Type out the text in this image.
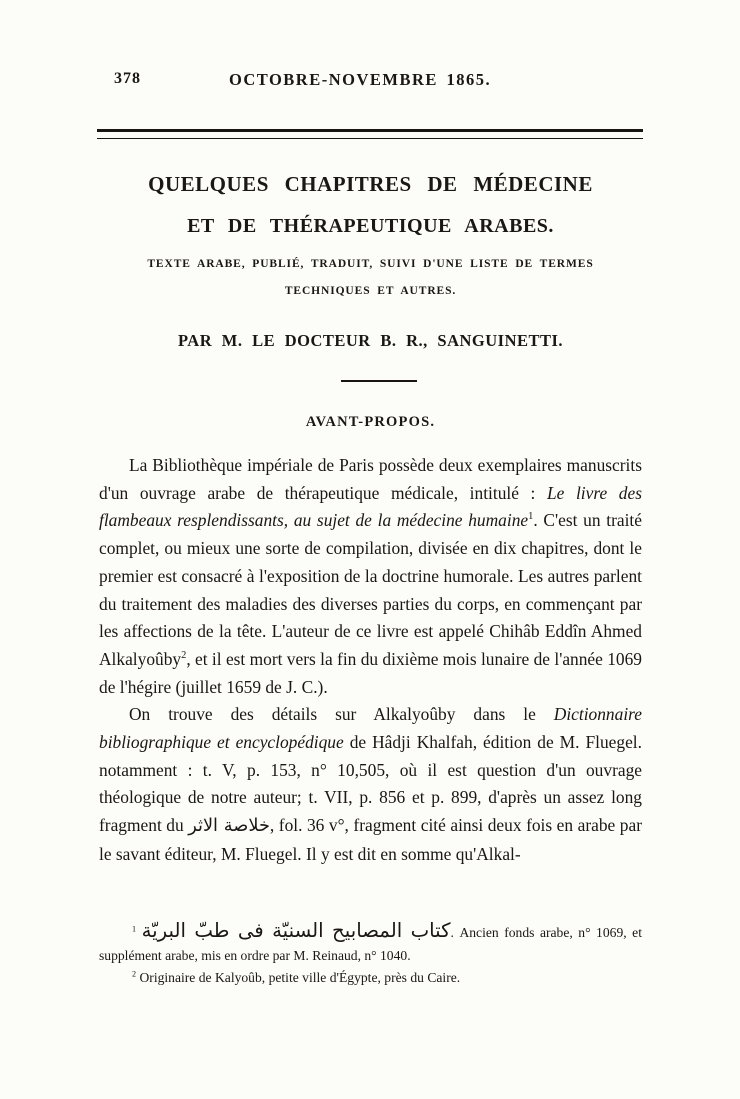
378	OCTOBRE-NOVEMBRE 1865.
QUELQUES CHAPITRES DE MÉDECINE
ET DE THÉRAPEUTIQUE ARABES.
TEXTE ARABE, PUBLIÉ, TRADUIT, SUIVI D'UNE LISTE DE TERMES
TECHNIQUES ET AUTRES.
PAR M. LE DOCTEUR B. R., SANGUINETTI.
AVANT-PROPOS.

La Bibliothèque impériale de Paris possède deux exemplaires manuscrits d'un ouvrage arabe de thérapeutique médicale, intitulé : Le livre des flambeaux resplendissants, au sujet de la médecine humaine$^1$. C'est un traité complet, ou mieux une sorte de compilation, divisée en dix chapitres, dont le premier est consacré à l'exposition de la doctrine humorale. Les autres parlent du traitement des maladies des diverses parties du corps, en commençant par les affections de la tête. L'auteur de ce livre est appelé Chihâb Eddîn Ahmed Alkalyoûby$^2$, et il est mort vers la fin du dixième mois lunaire de l'année 1069 de l'hégire (juillet 1659 de J. C.).

On trouve des détails sur Alkalyoûby dans le Dictionnaire bibliographique et encyclopédique de Hâdji Khalfah, édition de M. Fluegel. notamment : t. V, p. 153, n° 10,505, où il est question d'un ouvrage théologique de notre auteur; t. VII, p. 856 et p. 899, d'après un assez long fragment du خلاصة الاثر, fol. 36 v°, fragment cité ainsi deux fois en arabe par le savant éditeur, M. Fluegel. Il y est dit en somme qu'Alkal-

$^1$ كتاب المصابيح السنيّة فى طبّ البريّة. Ancien fonds arabe, n° 1069, et supplément arabe, mis en ordre par M. Reinaud, n° 1040.

$^2$ Originaire de Kalyoûb, petite ville d'Égypte, près du Caire.
